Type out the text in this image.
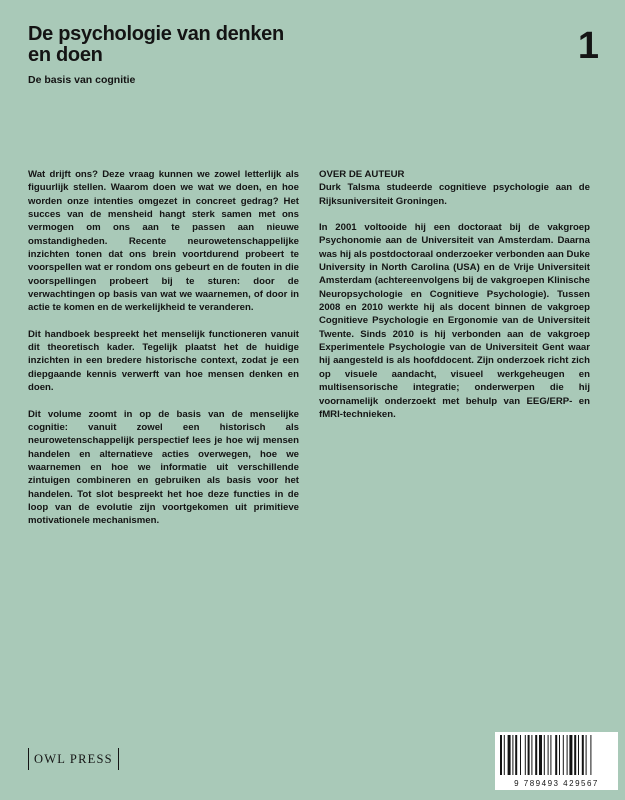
De psychologie van denken en doen
De basis van cognitie
1

Wat drijft ons? Deze vraag kunnen we zowel letterlijk als figuurlijk stellen. Waarom doen we wat we doen, en hoe worden onze intenties omgezet in concreet gedrag? Het succes van de mensheid hangt sterk samen met ons vermogen om ons aan te passen aan nieuwe omstandigheden. Recente neurowetenschappelijke inzichten tonen dat ons brein voortdurend probeert te voorspellen wat er rondom ons gebeurt en de fouten in die voorspellingen probeert bij te sturen: door de verwachtingen op basis van wat we waarnemen, of door in actie te komen en de werkelijkheid te veranderen.

Dit handboek bespreekt het menselijk functioneren vanuit dit theoretisch kader. Tegelijk plaatst het de huidige inzichten in een bredere historische context, zodat je een diepgaande kennis verwerft van hoe mensen denken en doen.

Dit volume zoomt in op de basis van de menselijke cognitie: vanuit zowel een historisch als neurowetenschappelijk perspectief lees je hoe wij mensen handelen en alternatieve acties overwegen, hoe we waarnemen en hoe we informatie uit verschillende zintuigen combineren en gebruiken als basis voor het handelen. Tot slot bespreekt het hoe deze functies in de loop van de evolutie zijn voortgekomen uit primitieve motivationele mechanismen.

OVER DE AUTEUR

Durk Talsma studeerde cognitieve psychologie aan de Rijksuniversiteit Groningen.

In 2001 voltooide hij een doctoraat bij de vakgroep Psychonomie aan de Universiteit van Amsterdam. Daarna was hij als postdoctoraal onderzoeker verbonden aan Duke University in North Carolina (USA) en de Vrije Universiteit Amsterdam (achtereenvolgens bij de vakgroepen Klinische Neuropsychologie en Cognitieve Psychologie). Tussen 2008 en 2010 werkte hij als docent binnen de vakgroep Cognitieve Psychologie en Ergonomie van de Universiteit Twente. Sinds 2010 is hij verbonden aan de vakgroep Experimentele Psychologie van de Universiteit Gent waar hij aangesteld is als hoofddocent. Zijn onderzoek richt zich op visuele aandacht, visueel werkgeheugen en multisensorische integratie; onderwerpen die hij voornamelijk onderzoekt met behulp van EEG/ERP- en fMRI-technieken.

OWL PRESS
9 789493 429567
